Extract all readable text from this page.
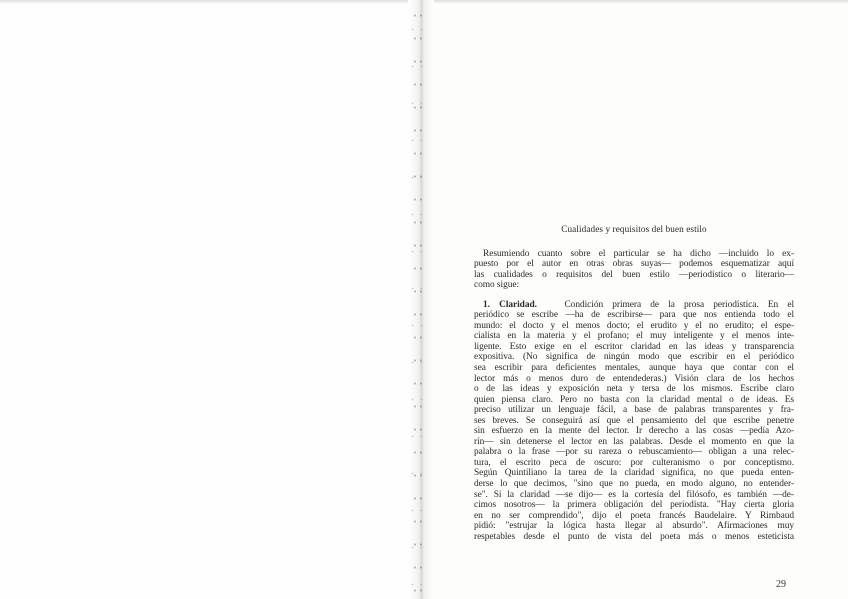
Cualidades y requisitos del buen estilo
Resumiendo cuanto sobre el particular se ha dicho —incluido lo ex-
puesto por el autor en otras obras suyas— podemos esquematizar aquí
las cualidades o requisitos del buen estilo —periodístico o literario—
como sigue:
1. Claridad.	Condición primera de la prosa periodística. En el
periódico se escribe —ha de escribirse— para que nos entienda todo el
mundo: el docto y el menos docto; el erudito y el no erudito; el espe-
cialista en la materia y el profano; el muy inteligente y el menos inte-
ligente. Esto exige en el escritor claridad en las ideas y transparencia
expositiva. (No significa de ningún modo que escribir en el periódico
sea escribir para deficientes mentales, aunque haya que contar con el
lector más o menos duro de entendederas.) Visión clara de los hechos
o de las ideas y exposición neta y tersa de los mismos. Escribe claro
quien piensa claro. Pero no basta con la claridad mental o de ideas. Es
preciso utilizar un lenguaje fácil, a base de palabras transparentes y fra-
ses breves. Se conseguirá así que el pensamiento del que escribe penetre
sin esfuerzo en la mente del lector. Ir derecho a las cosas —pedía Azo-
rín— sin detenerse el lector en las palabras. Desde el momento en que la
palabra o la frase —por su rareza o rebuscamiento— obligan a una relec-
tura, el escrito peca de oscuro: por culteranismo o por conceptismo.
Según Quintiliano la tarea de la claridad significa, no que pueda enten-
derse lo que decimos, "sino que no pueda, en modo alguno, no entender-
se". Si la claridad —se dijo— es la cortesía del filósofo, es también —de-
cimos nosotros— la primera obligación del periodista. "Hay cierta gloria
en no ser comprendido", dijo el poeta francés Baudelaire. Y Rimbaud
pidió: "estrujar la lógica hasta llegar al absurdo". Afirmaciones muy
respetables desde el punto de vista del poeta más o menos esteticista
29
